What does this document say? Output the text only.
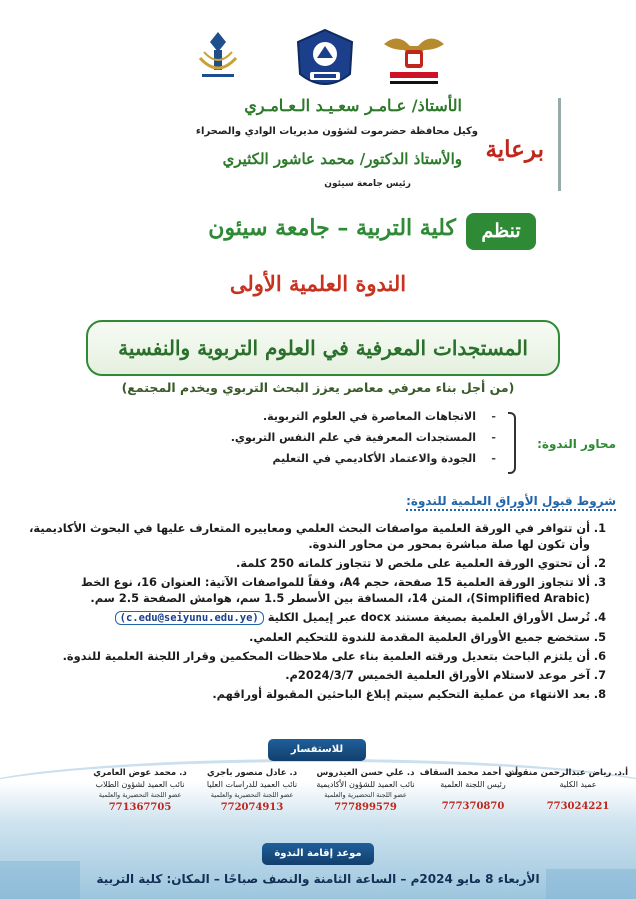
برعاية
الأستاذ/ عـامـر سعـيـد الـعـامـري
وكيل محافظة حضرموت لشؤون مديريات الوادي والصحراء
والأستاذ الدكتور/ محمد عاشور الكثيري
رئيس جامعة سيئون
تنظم
كلية التربية – جامعة سيئون
الندوة العلمية الأولى
المستجدات المعرفية في العلوم التربوية والنفسية
(من أجل بناء معرفي معاصر يعزز البحث التربوي ويخدم المجتمع)
محاور الندوة:
- الاتجاهات المعاصرة في العلوم التربوية.
- المستجدات المعرفية في علم النفس التربوي.
- الجودة والاعتماد الأكاديمي في التعليم
شروط قبول الأوراق العلمية للندوة:
1.
أن تتوافر في الورقة العلمية مواصفات البحث العلمي ومعاييره المتعارف عليها في البحوث الأكاديمية، وأن تكون لها صلة مباشرة بمحور من محاور الندوة.
2.
أن تحتوي الورقة العلمية على ملخص لا تتجاوز كلماته 250 كلمة.
3.
ألا تتجاوز الورقة العلمية 15 صفحة، حجم A4، وفقاً للمواصفات الآتية: العنوان 16، نوع الخط (Simplified Arabic)، المتن 14، المسافة بين الأسطر 1.5 سم، هوامش الصفحة 2.5 سم.
4.
تُرسل الأوراق العلمية بصيغة مستند docx عبر إيميل الكلية (c.edu@seiyunu.edu.ye)
5.
ستخضع جميع الأوراق العلمية المقدمة للندوة للتحكيم العلمي.
6.
أن يلتزم الباحث بتعديل ورقته العلمية بناء على ملاحظات المحكمين وقرار اللجنة العلمية للندوة.
7.
آخر موعد لاستلام الأوراق العلمية الخميس 2024/3/7م.
8.
بعد الانتهاء من عملية التحكيم سيتم إبلاغ الباحثين المقبولة أوراقهم.
للاستفسار
أ.د. رياض عبدالرحمن منقوش
عميد الكلية
773024221
أ.د. أحمد محمد السقاف
رئيس اللجنة العلمية
777370870
د. علي حسن العيدروس
نائب العميد للشؤون الأكاديمية
عضو اللجنة التحضيرية والعلمية
777899579
د. عادل منصور باجري
نائب العميد للدراسات العليا
عضو اللجنة التحضيرية والعلمية
772074913
د. محمد عوض العامري
نائب العميد لشؤون الطلاب
عضو اللجنة التحضيرية والعلمية
771367705
موعد إقامة الندوة
الأربعاء 8 مايو 2024م – الساعة الثامنة والنصف صباحًا – المكان: كلية التربية
